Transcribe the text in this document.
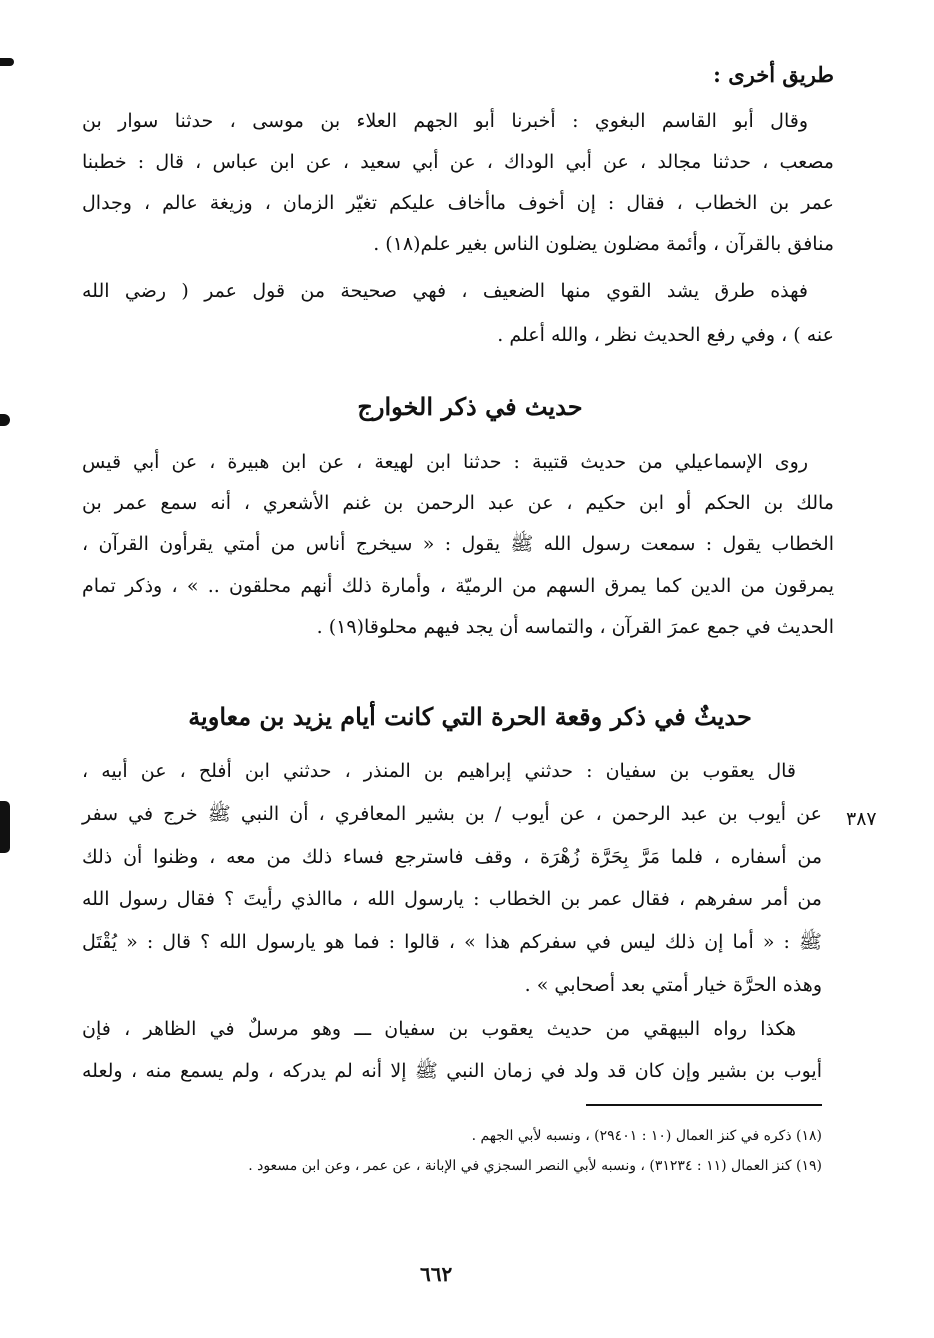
طريق أخرى :
وقال أبو القاسم البغوي : أخبرنا أبو الجهم العلاء بن موسى ، حدثنا سوار بن
مصعب ، حدثنا مجالد ، عن أبي الوداك ، عن أبي سعيد ، عن ابن عباس ، قال : خطبنا
عمر بن الخطاب ، فقال : إن أخوف ماأخاف عليكم تغيّر الزمان ، وزيغة عالم ، وجدال
منافق بالقرآن ، وأئمة مضلون يضلون الناس بغير علم(١٨) .
فهذه طرق يشد القوي منها الضعيف ، فهي صحيحة من قول عمر ( رضي الله
عنه ) ، وفي رفع الحديث نظر ، والله أعلم .
حديث في ذكر الخوارج
روى الإسماعيلي من حديث قتيبة : حدثنا ابن لهيعة ، عن ابن هبيرة ، عن أبي قيس
مالك بن الحكم أو ابن حكيم ، عن عبد الرحمن بن غنم الأشعري ، أنه سمع عمر بن
الخطاب يقول : سمعت رسول الله ﷺ يقول : « سيخرج أناس من أمتي يقرأون القرآن ،
يمرقون من الدين كما يمرق السهم من الرميّة ، وأمارة ذلك أنهم محلقون .. » ، وذكر تمام
الحديث في جمع عمرَ القرآن ، والتماسه أن يجد فيهم محلوقا(١٩) .
حديثٌ في ذكر وقعة الحرة التي كانت أيام يزيد بن معاوية
٣٨٧
قال يعقوب بن سفيان : حدثني إبراهيم بن المنذر ، حدثني ابن أفلح ، عن أبيه ،
عن أيوب بن عبد الرحمن ، عن أيوب / بن بشير المعافري ، أن النبي ﷺ خرج في سفر
من أسفاره ، فلما مَرَّ بِحَرَّة زُهْرَة ، وقف فاسترجع فساء ذلك من معه ، وظنوا أن ذلك
من أمر سفرهم ، فقال عمر بن الخطاب : يارسول الله ، ماالذي رأيتَ ؟ فقال رسول الله
ﷺ : « أما إن ذلك ليس في سفركم هذا » ، قالوا : فما هو يارسول الله ؟ قال : « يُقْتَل
وهذه الحرَّة خيار أمتي بعد أصحابي » .
هكذا رواه البيهقي من حديث يعقوب بن سفيان ـــ وهو مرسلٌ في الظاهر ، فإن
أيوب بن بشير وإن كان قد ولد في زمان النبي ﷺ إلا أنه لم يدركه ، ولم يسمع منه ، ولعله
(١٨) ذكره في كنز العمال (١٠ : ٢٩٤٠١) ، ونسبه لأبي الجهم .
(١٩) كنز العمال (١١ : ٣١٢٣٤) ، ونسبه لأبي النصر السجزي في الإبانة ، عن عمر ، وعن ابن مسعود .
٦٦٢
